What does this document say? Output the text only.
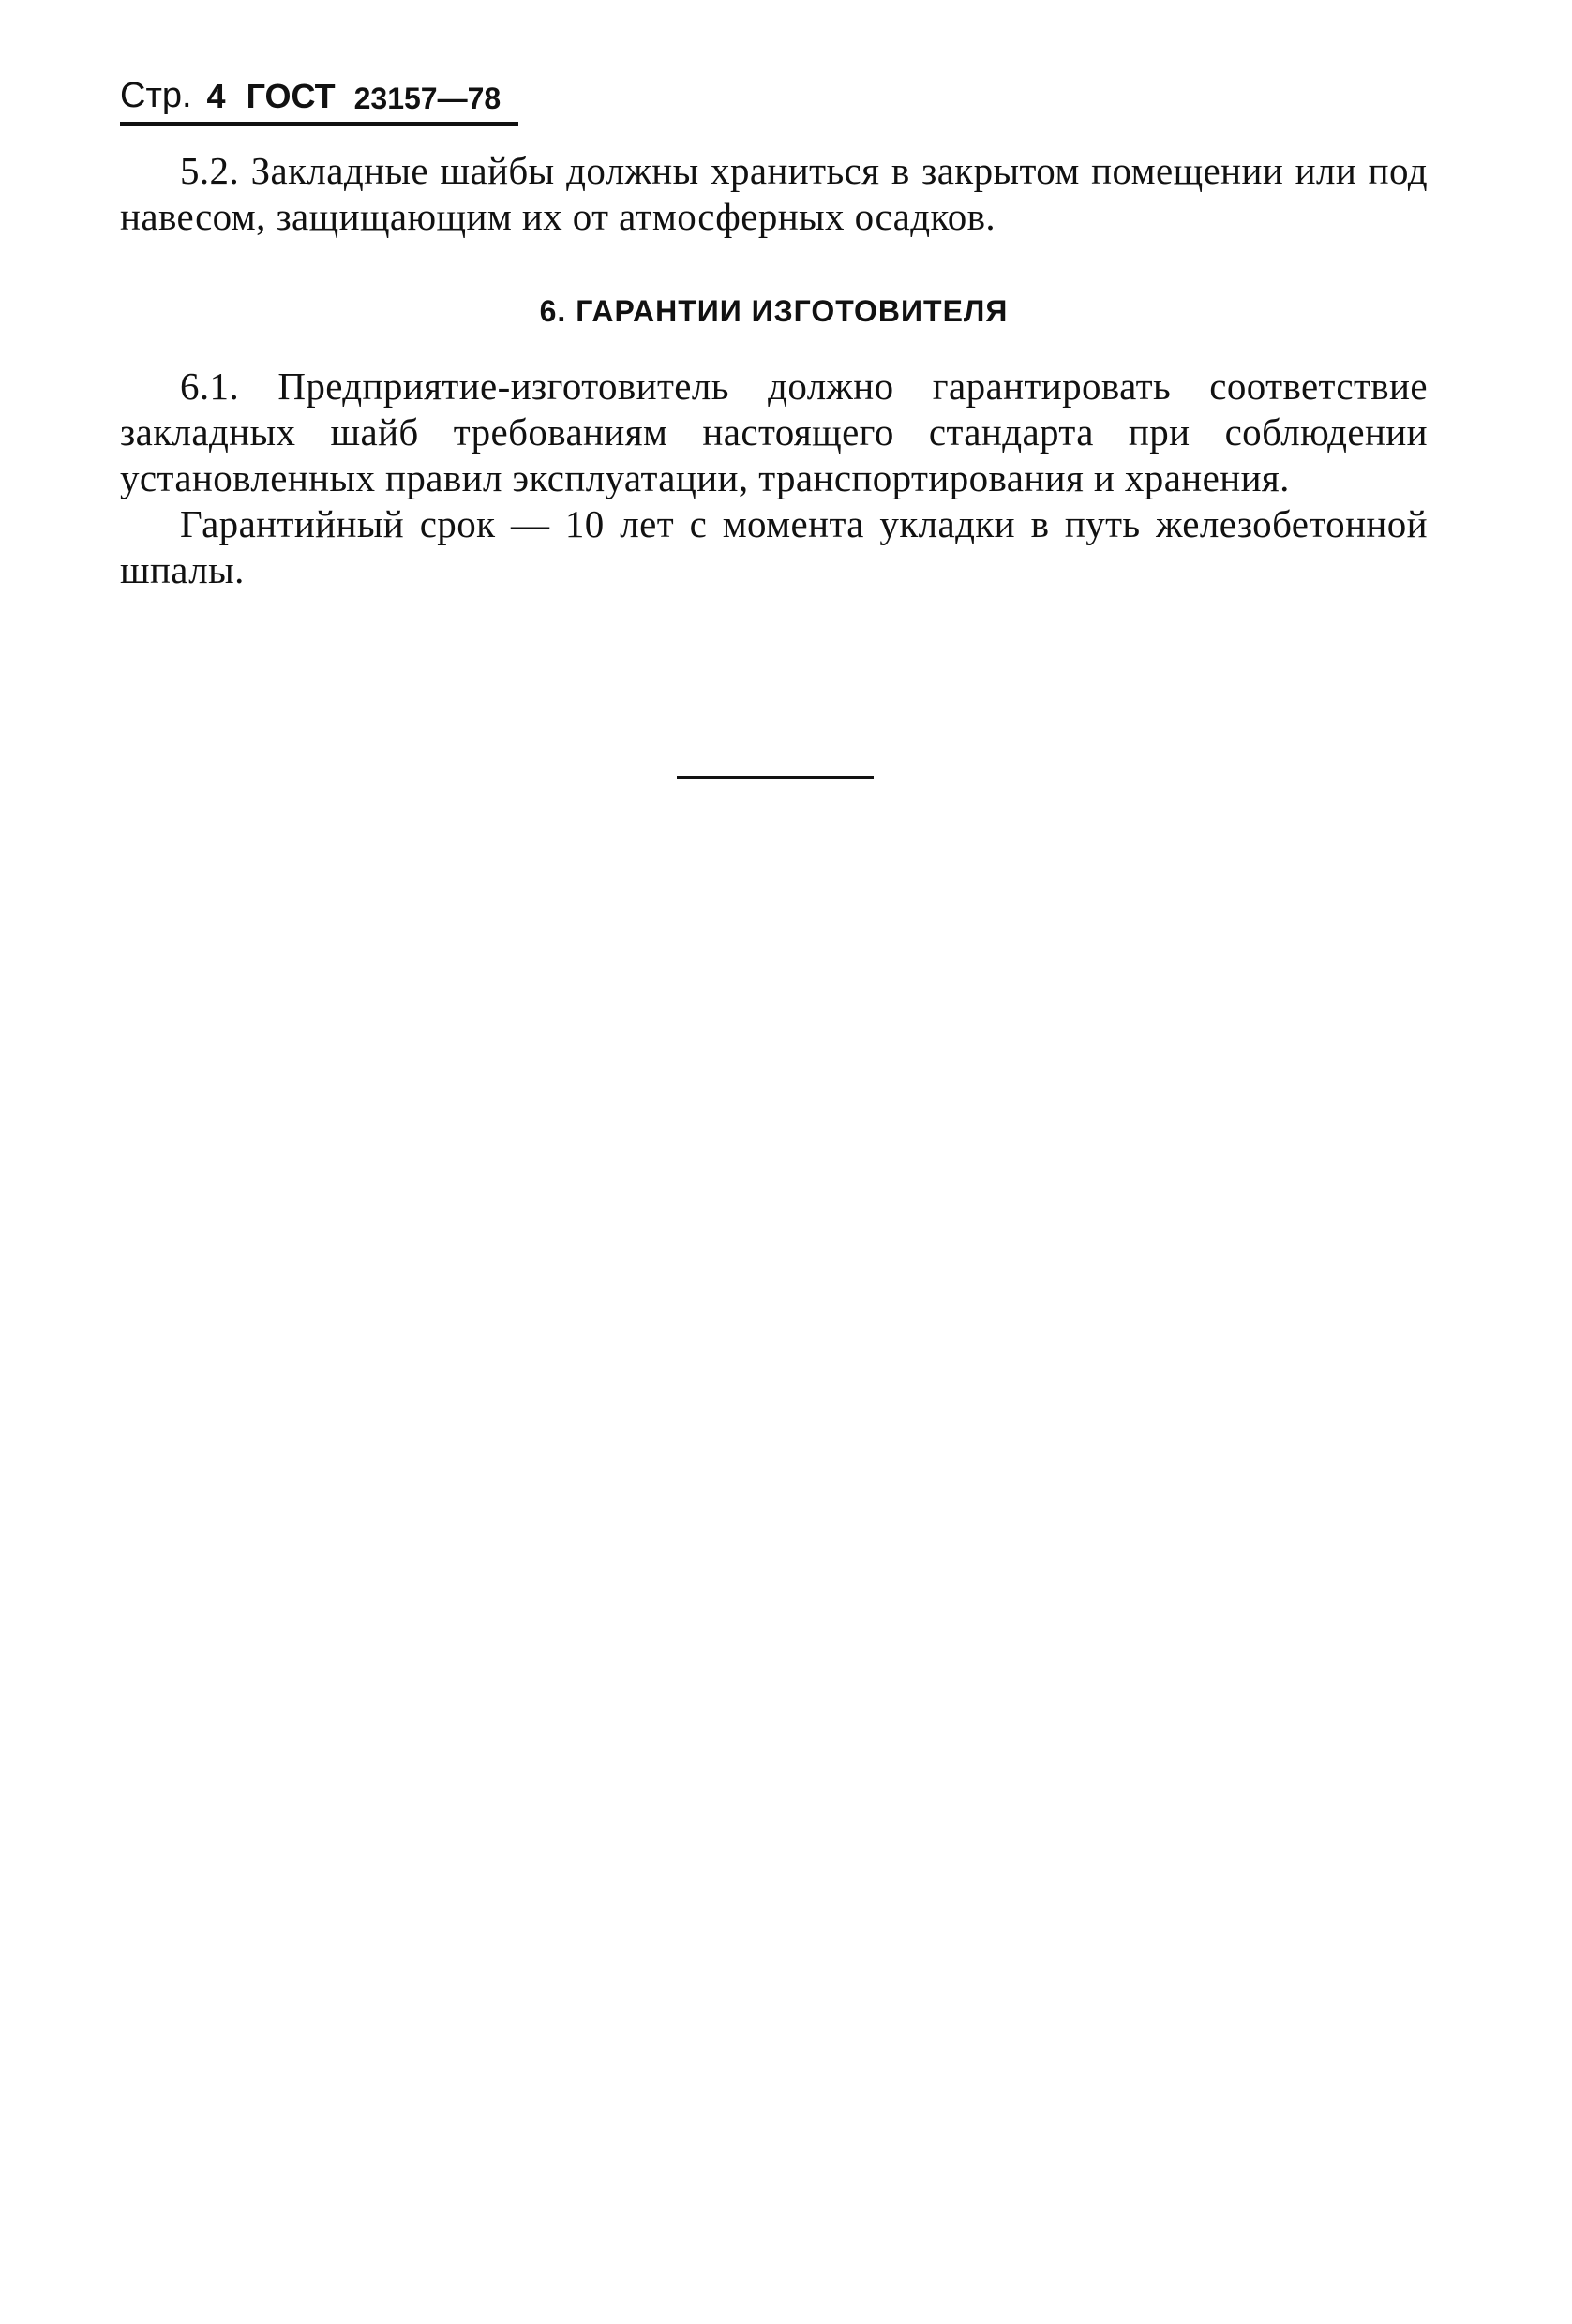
Стр. 4 ГОСТ 23157—78

5.2. Закладные шайбы должны храниться в закрытом помещении или под навесом, защищающим их от атмосферных осадков.

6. ГАРАНТИИ ИЗГОТОВИТЕЛЯ

6.1. Предприятие-изготовитель должно гарантировать соответствие закладных шайб требованиям настоящего стандарта при соблюдении установленных правил эксплуатации, транспортирования и хранения.

Гарантийный срок — 10 лет с момента укладки в путь железобетонной шпалы.
